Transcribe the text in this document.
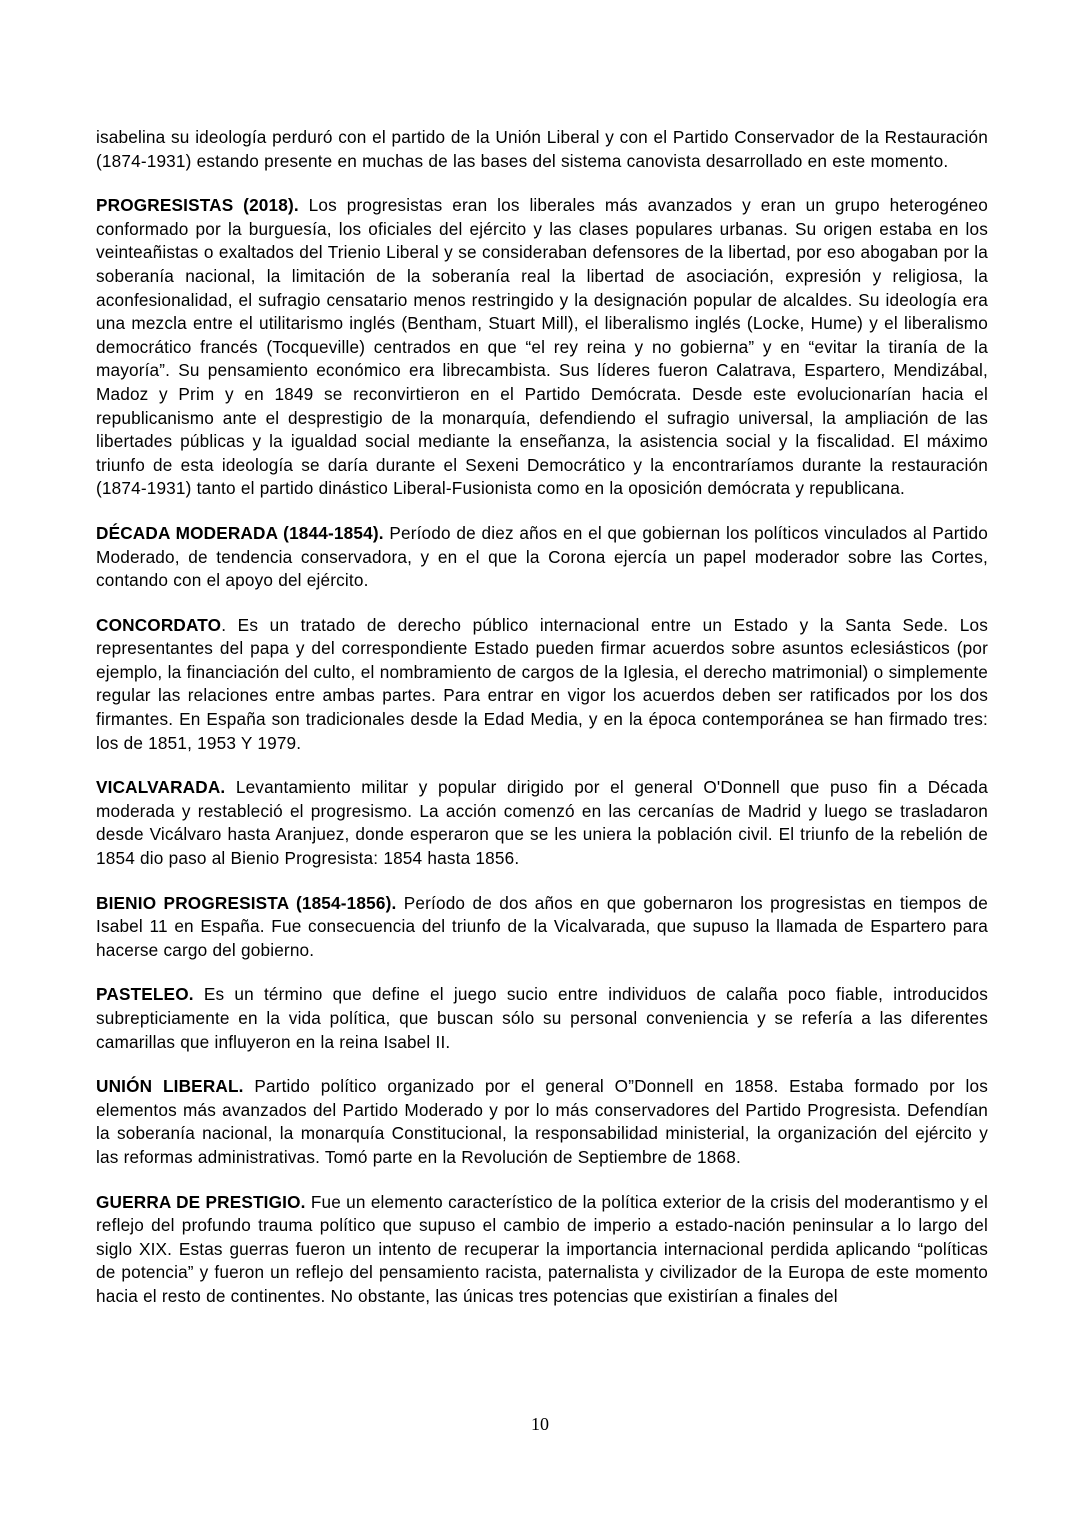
isabelina su ideología perduró con el partido de la Unión Liberal y con el Partido Conservador de la Restauración (1874-1931) estando presente en muchas de las bases del sistema canovista desarrollado en este momento.

PROGRESISTAS (2018). Los progresistas eran los liberales más avanzados y eran un grupo heterogéneo conformado por la burguesía, los oficiales del ejército y las clases populares urbanas. Su origen estaba en los veinteañistas o exaltados del Trienio Liberal y se consideraban defensores de la libertad, por eso abogaban por la soberanía nacional, la limitación de la soberanía real la libertad de asociación, expresión y religiosa, la aconfesionalidad, el sufragio censatario menos restringido y la designación popular de alcaldes. Su ideología era una mezcla entre el utilitarismo inglés (Bentham, Stuart Mill), el liberalismo inglés (Locke, Hume) y el liberalismo democrático francés (Tocqueville) centrados en que “el rey reina y no gobierna” y en “evitar la tiranía de la mayoría”. Su pensamiento económico era librecambista. Sus líderes fueron Calatrava, Espartero, Mendizábal, Madoz y Prim y en 1849 se reconvirtieron en el Partido Demócrata. Desde este evolucionarían hacia el republicanismo ante el desprestigio de la monarquía, defendiendo el sufragio universal, la ampliación de las libertades públicas y la igualdad social mediante la enseñanza, la asistencia social y la fiscalidad. El máximo triunfo de esta ideología se daría durante el Sexeni Democrático y la encontraríamos durante la restauración (1874-1931) tanto el partido dinástico Liberal-Fusionista como en la oposición demócrata y republicana.

DÉCADA MODERADA (1844-1854). Período de diez años en el que gobiernan los políticos vinculados al Partido Moderado, de tendencia conservadora, y en el que la Corona ejercía un papel moderador sobre las Cortes, contando con el apoyo del ejército.

CONCORDATO. Es un tratado de derecho público internacional entre un Estado y la Santa Sede. Los representantes del papa y del correspondiente Estado pueden firmar acuerdos sobre asuntos eclesiásticos (por ejemplo, la financiación del culto, el nombramiento de cargos de la Iglesia, el derecho matrimonial) o simplemente regular las relaciones entre ambas partes. Para entrar en vigor los acuerdos deben ser ratificados por los dos firmantes. En España son tradicionales desde la Edad Media, y en la época contemporánea se han firmado tres: los de 1851, 1953 Y 1979.

VICALVARADA. Levantamiento militar y popular dirigido por el general O'Donnell que puso fin a Década moderada y restableció el progresismo. La acción comenzó en las cercanías de Madrid y luego se trasladaron desde Vicálvaro hasta Aranjuez, donde esperaron que se les uniera la población civil. El triunfo de la rebelión de 1854 dio paso al Bienio Progresista: 1854 hasta 1856.

BIENIO PROGRESISTA (1854-1856). Período de dos años en que gobernaron los progresistas en tiempos de Isabel 11 en España. Fue consecuencia del triunfo de la Vicalvarada, que supuso la llamada de Espartero para hacerse cargo del gobierno.

PASTELEO. Es un término que define el juego sucio entre individuos de calaña poco fiable, introducidos subrepticiamente en la vida política, que buscan sólo su personal conveniencia y se refería a las diferentes camarillas que influyeron en la reina Isabel II.

UNIÓN LIBERAL. Partido político organizado por el general O”Donnell en 1858. Estaba formado por los elementos más avanzados del Partido Moderado y por lo más conservadores del Partido Progresista. Defendían la soberanía nacional, la monarquía Constitucional, la responsabilidad ministerial, la organización del ejército y las reformas administrativas. Tomó parte en la Revolución de Septiembre de 1868.

GUERRA DE PRESTIGIO. Fue un elemento característico de la política exterior de la crisis del moderantismo y el reflejo del profundo trauma político que supuso el cambio de imperio a estado-nación peninsular a lo largo del siglo XIX. Estas guerras fueron un intento de recuperar la importancia internacional perdida aplicando “políticas de potencia” y fueron un reflejo del pensamiento racista, paternalista y civilizador de la Europa de este momento hacia el resto de continentes. No obstante, las únicas tres potencias que existirían a finales del

10
